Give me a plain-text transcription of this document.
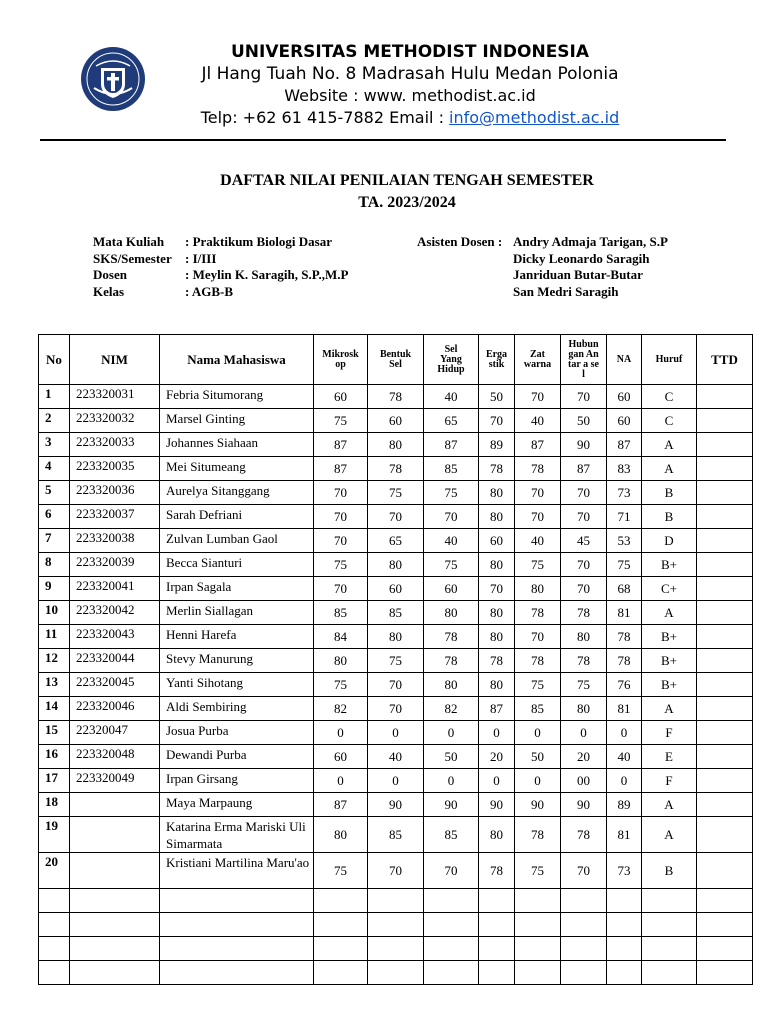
UNIVERSITAS METHODIST INDONESIA
Jl Hang Tuah No. 8 Madrasah Hulu Medan Polonia
Website : www. methodist.ac.id
Telp: +62 61 415-7882 Email : info@methodist.ac.id
DAFTAR NILAI PENILAIAN TENGAH SEMESTER
TA. 2023/2024
Mata Kuliah	: Praktikum Biologi Dasar
SKS/Semester	: I/III
Dosen	: Meylin K. Saragih, S.P.,M.P
Kelas	: AGB-B
Asisten Dosen : Andry Admaja Tarigan, S.P
Dicky Leonardo Saragih
Janriduan Butar-Butar
San Medri Saragih
No	NIM	Nama Mahasiswa	Mikroskop	Bentuk Sel	Sel Yang Hidup	Ergastik	Zat warna	Hubungan Antar a sel	NA	Huruf	TTD
1	223320031	Febria Situmorang	60	78	40	50	70	70	60	C	
2	223320032	Marsel Ginting	75	60	65	70	40	50	60	C	
3	223320033	Johannes Siahaan	87	80	87	89	87	90	87	A	
4	223320035	Mei Situmeang	87	78	85	78	78	87	83	A	
5	223320036	Aurelya Sitanggang	70	75	75	80	70	70	73	B	
6	223320037	Sarah Defriani	70	70	70	80	70	70	71	B	
7	223320038	Zulvan Lumban Gaol	70	65	40	60	40	45	53	D	
8	223320039	Becca Sianturi	75	80	75	80	75	70	75	B+	
9	223320041	Irpan Sagala	70	60	60	70	80	70	68	C+	
10	223320042	Merlin Siallagan	85	85	80	80	78	78	81	A	
11	223320043	Henni Harefa	84	80	78	80	70	80	78	B+	
12	223320044	Stevy Manurung	80	75	78	78	78	78	78	B+	
13	223320045	Yanti Sihotang	75	70	80	80	75	75	76	B+	
14	223320046	Aldi Sembiring	82	70	82	87	85	80	81	A	
15	22320047	Josua Purba	0	0	0	0	0	0	0	F	
16	223320048	Dewandi Purba	60	40	50	20	50	20	40	E	
17	223320049	Irpan Girsang	0	0	0	0	0	00	0	F	
18		Maya Marpaung	87	90	90	90	90	90	89	A	
19		Katarina Erma Mariski Uli Simarmata	80	85	85	80	78	78	81	A	
20		Kristiani Martilina Maru'ao	75	70	70	78	75	70	73	B	
